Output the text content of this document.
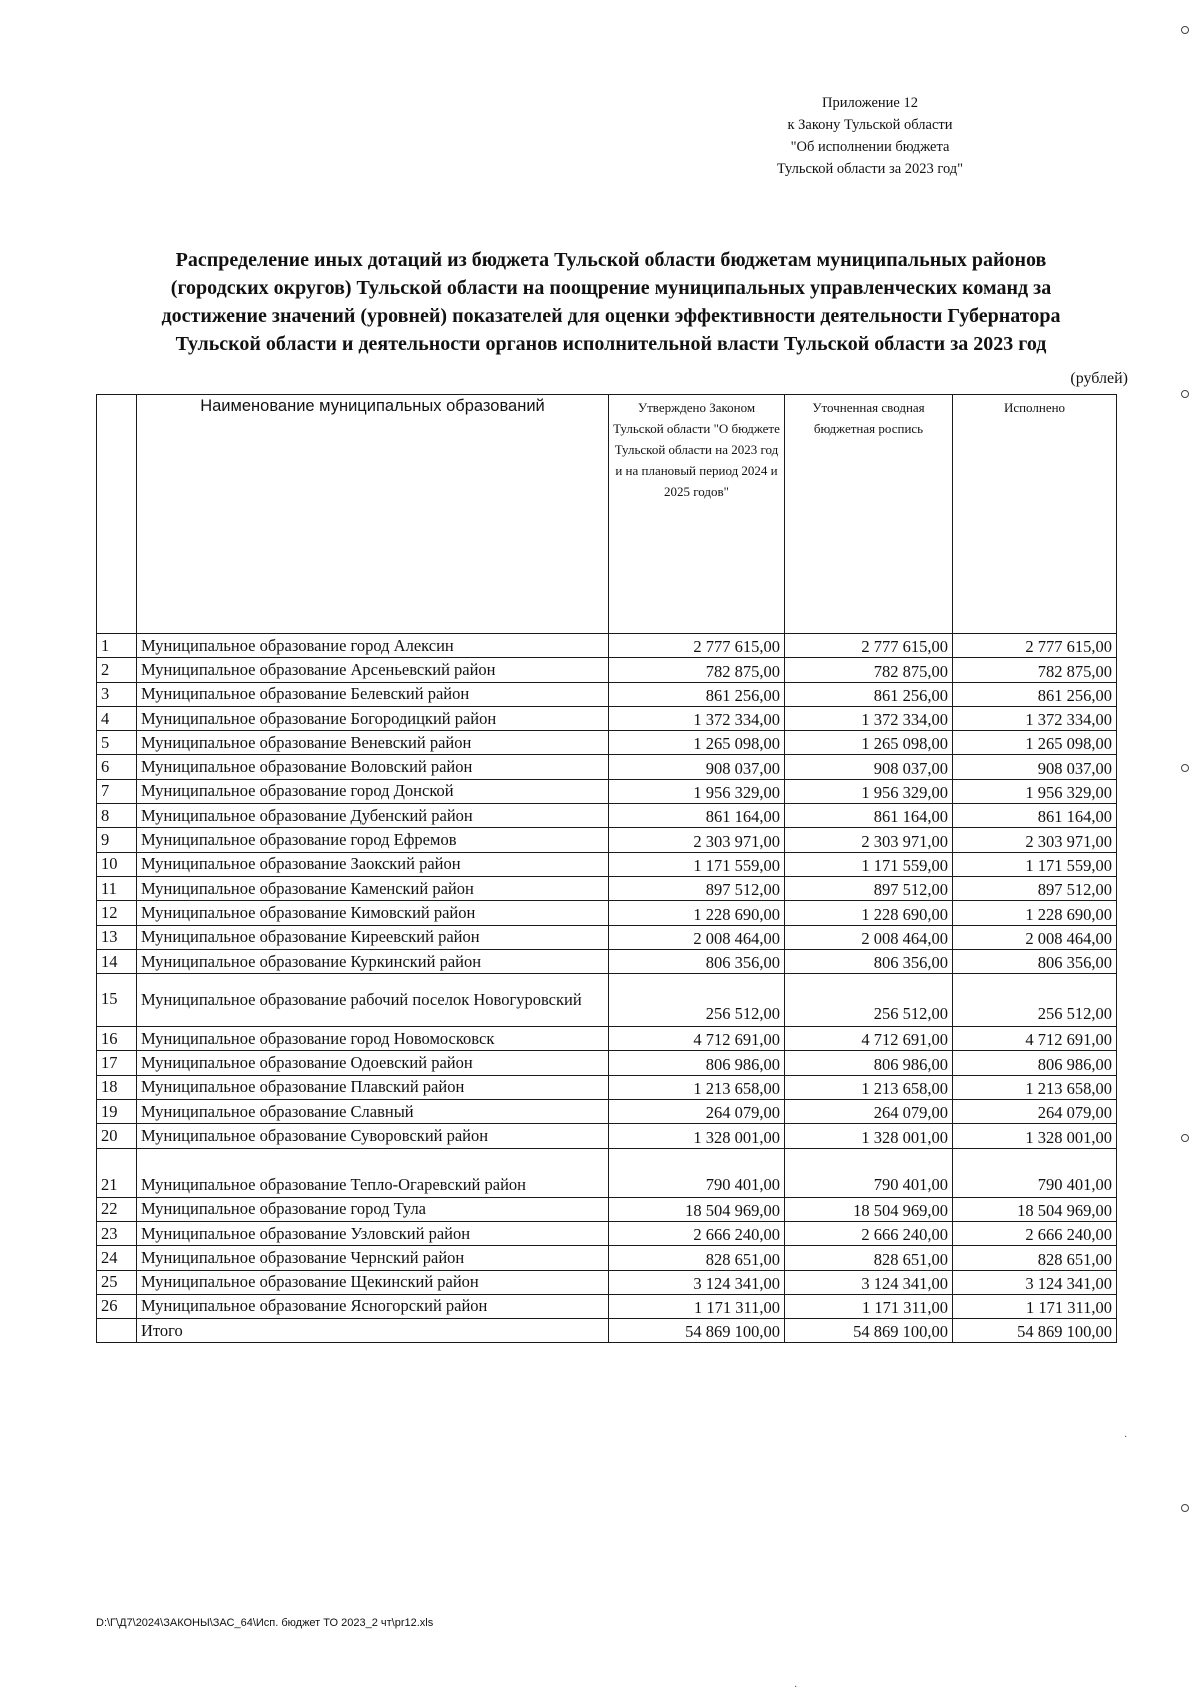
Приложение 12
к Закону Тульской области
"Об исполнении бюджета
Тульской области за 2023 год"
Распределение иных дотаций из бюджета Тульской области бюджетам муниципальных районов
(городских округов) Тульской области на поощрение муниципальных управленческих команд за
достижение значений (уровней) показателей для оценки эффективности деятельности Губернатора
Тульской области и деятельности органов исполнительной власти Тульской области за 2023 год
(рублей)
	Наименование муниципальных образований	Утверждено Законом Тульской области "О бюджете Тульской области на 2023 год и на плановый период 2024 и 2025 годов"	Уточненная сводная бюджетная роспись	Исполнено
1	Муниципальное образование город Алексин	2 777 615,00	2 777 615,00	2 777 615,00
2	Муниципальное образование Арсеньевский район	782 875,00	782 875,00	782 875,00
3	Муниципальное образование Белевский район	861 256,00	861 256,00	861 256,00
4	Муниципальное образование Богородицкий район	1 372 334,00	1 372 334,00	1 372 334,00
5	Муниципальное образование Веневский район	1 265 098,00	1 265 098,00	1 265 098,00
6	Муниципальное образование Воловский район	908 037,00	908 037,00	908 037,00
7	Муниципальное образование город Донской	1 956 329,00	1 956 329,00	1 956 329,00
8	Муниципальное образование Дубенский район	861 164,00	861 164,00	861 164,00
9	Муниципальное образование город Ефремов	2 303 971,00	2 303 971,00	2 303 971,00
10	Муниципальное образование Заокский район	1 171 559,00	1 171 559,00	1 171 559,00
11	Муниципальное образование Каменский район	897 512,00	897 512,00	897 512,00
12	Муниципальное образование Кимовский район	1 228 690,00	1 228 690,00	1 228 690,00
13	Муниципальное образование Киреевский район	2 008 464,00	2 008 464,00	2 008 464,00
14	Муниципальное образование Куркинский район	806 356,00	806 356,00	806 356,00
15	Муниципальное образование рабочий поселок Новогуровский	256 512,00	256 512,00	256 512,00
16	Муниципальное образование город Новомосковск	4 712 691,00	4 712 691,00	4 712 691,00
17	Муниципальное образование Одоевский район	806 986,00	806 986,00	806 986,00
18	Муниципальное образование Плавский район	1 213 658,00	1 213 658,00	1 213 658,00
19	Муниципальное образование Славный	264 079,00	264 079,00	264 079,00
20	Муниципальное образование Суворовский район	1 328 001,00	1 328 001,00	1 328 001,00
21	Муниципальное образование Тепло-Огаревский район	790 401,00	790 401,00	790 401,00
22	Муниципальное образование город Тула	18 504 969,00	18 504 969,00	18 504 969,00
23	Муниципальное образование Узловский район	2 666 240,00	2 666 240,00	2 666 240,00
24	Муниципальное образование Чернский район	828 651,00	828 651,00	828 651,00
25	Муниципальное образование Щекинский район	3 124 341,00	3 124 341,00	3 124 341,00
26	Муниципальное образование Ясногорский район	1 171 311,00	1 171 311,00	1 171 311,00
	Итого	54 869 100,00	54 869 100,00	54 869 100,00
D:\Г\Д7\2024\ЗАКОНЫ\ЗАС_64\Исп. бюджет ТО 2023_2 чт\pr12.xls
·
·
